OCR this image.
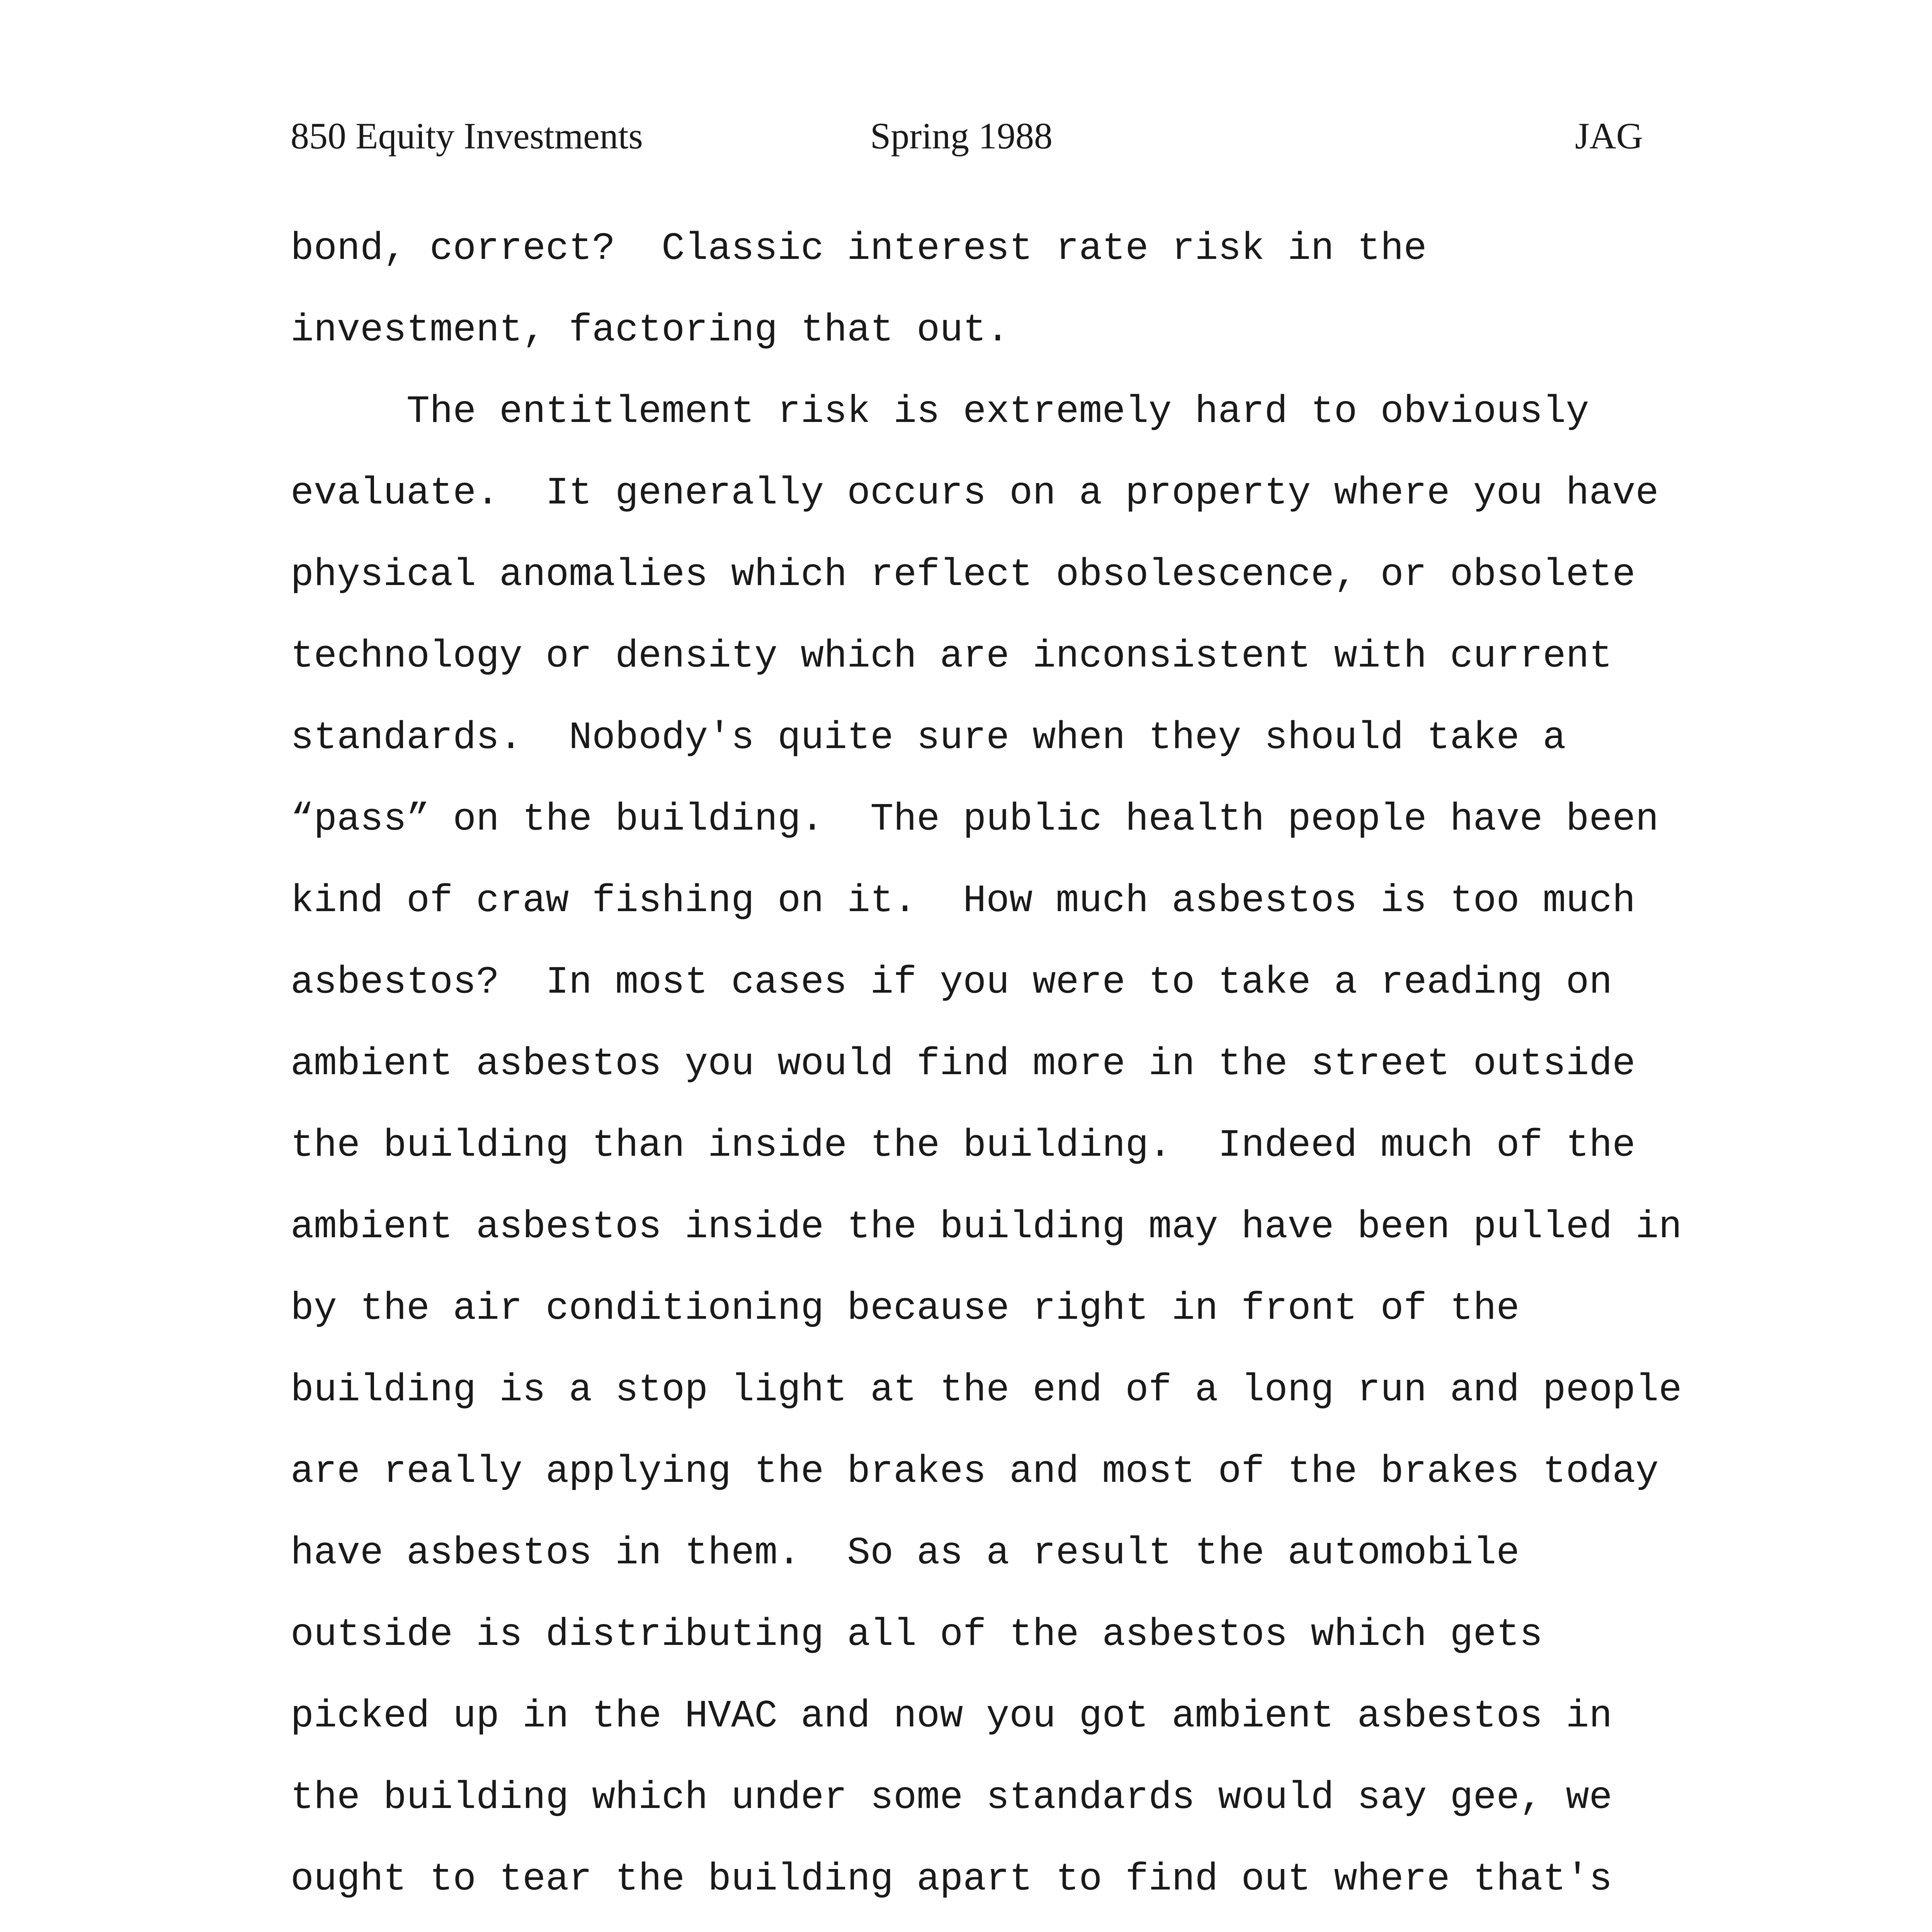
850 Equity Investments	Spring 1988	JAG
bond, correct?  Classic interest rate risk in the
investment, factoring that out.
The entitlement risk is extremely hard to obviously
evaluate.  It generally occurs on a property where you have
physical anomalies which reflect obsolescence, or obsolete
technology or density which are inconsistent with current
standards.  Nobody's quite sure when they should take a
“pass” on the building.  The public health people have been
kind of craw fishing on it.  How much asbestos is too much
asbestos?  In most cases if you were to take a reading on
ambient asbestos you would find more in the street outside
the building than inside the building.  Indeed much of the
ambient asbestos inside the building may have been pulled in
by the air conditioning because right in front of the
building is a stop light at the end of a long run and people
are really applying the brakes and most of the brakes today
have asbestos in them.  So as a result the automobile
outside is distributing all of the asbestos which gets
picked up in the HVAC and now you got ambient asbestos in
the building which under some standards would say gee, we
ought to tear the building apart to find out where that's
